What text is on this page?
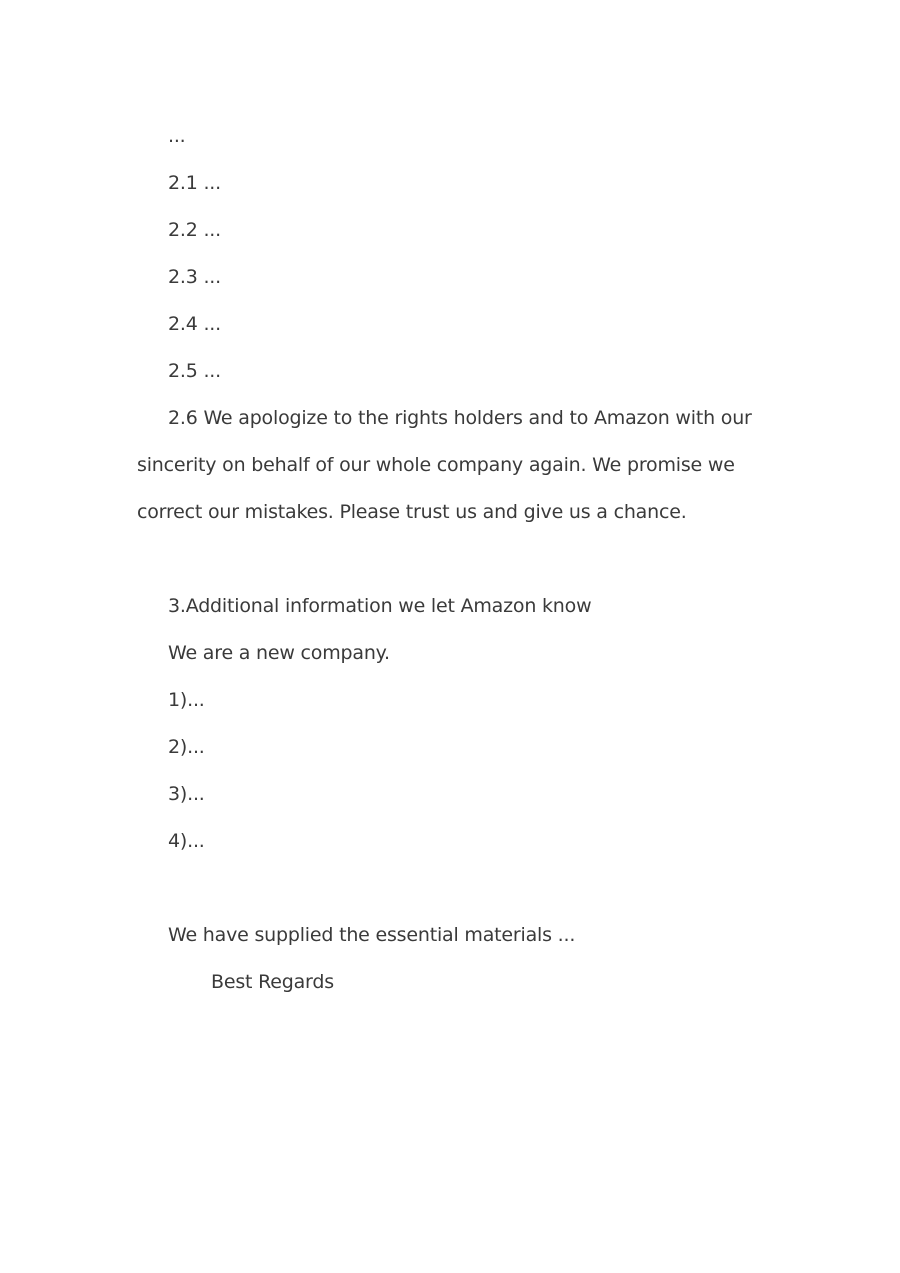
...

2.1 ...

2.2 ...

2.3 ...

2.4 ...

2.5 ...

2.6 We apologize to the rights holders and to Amazon with our sincerity on behalf of our whole company again. We promise we correct our mistakes. Please trust us and give us a chance.

3.Additional information we let Amazon know

We are a new company.

1)...

2)...

3)...

4)...

We have supplied the essential materials ...

Best Regards
